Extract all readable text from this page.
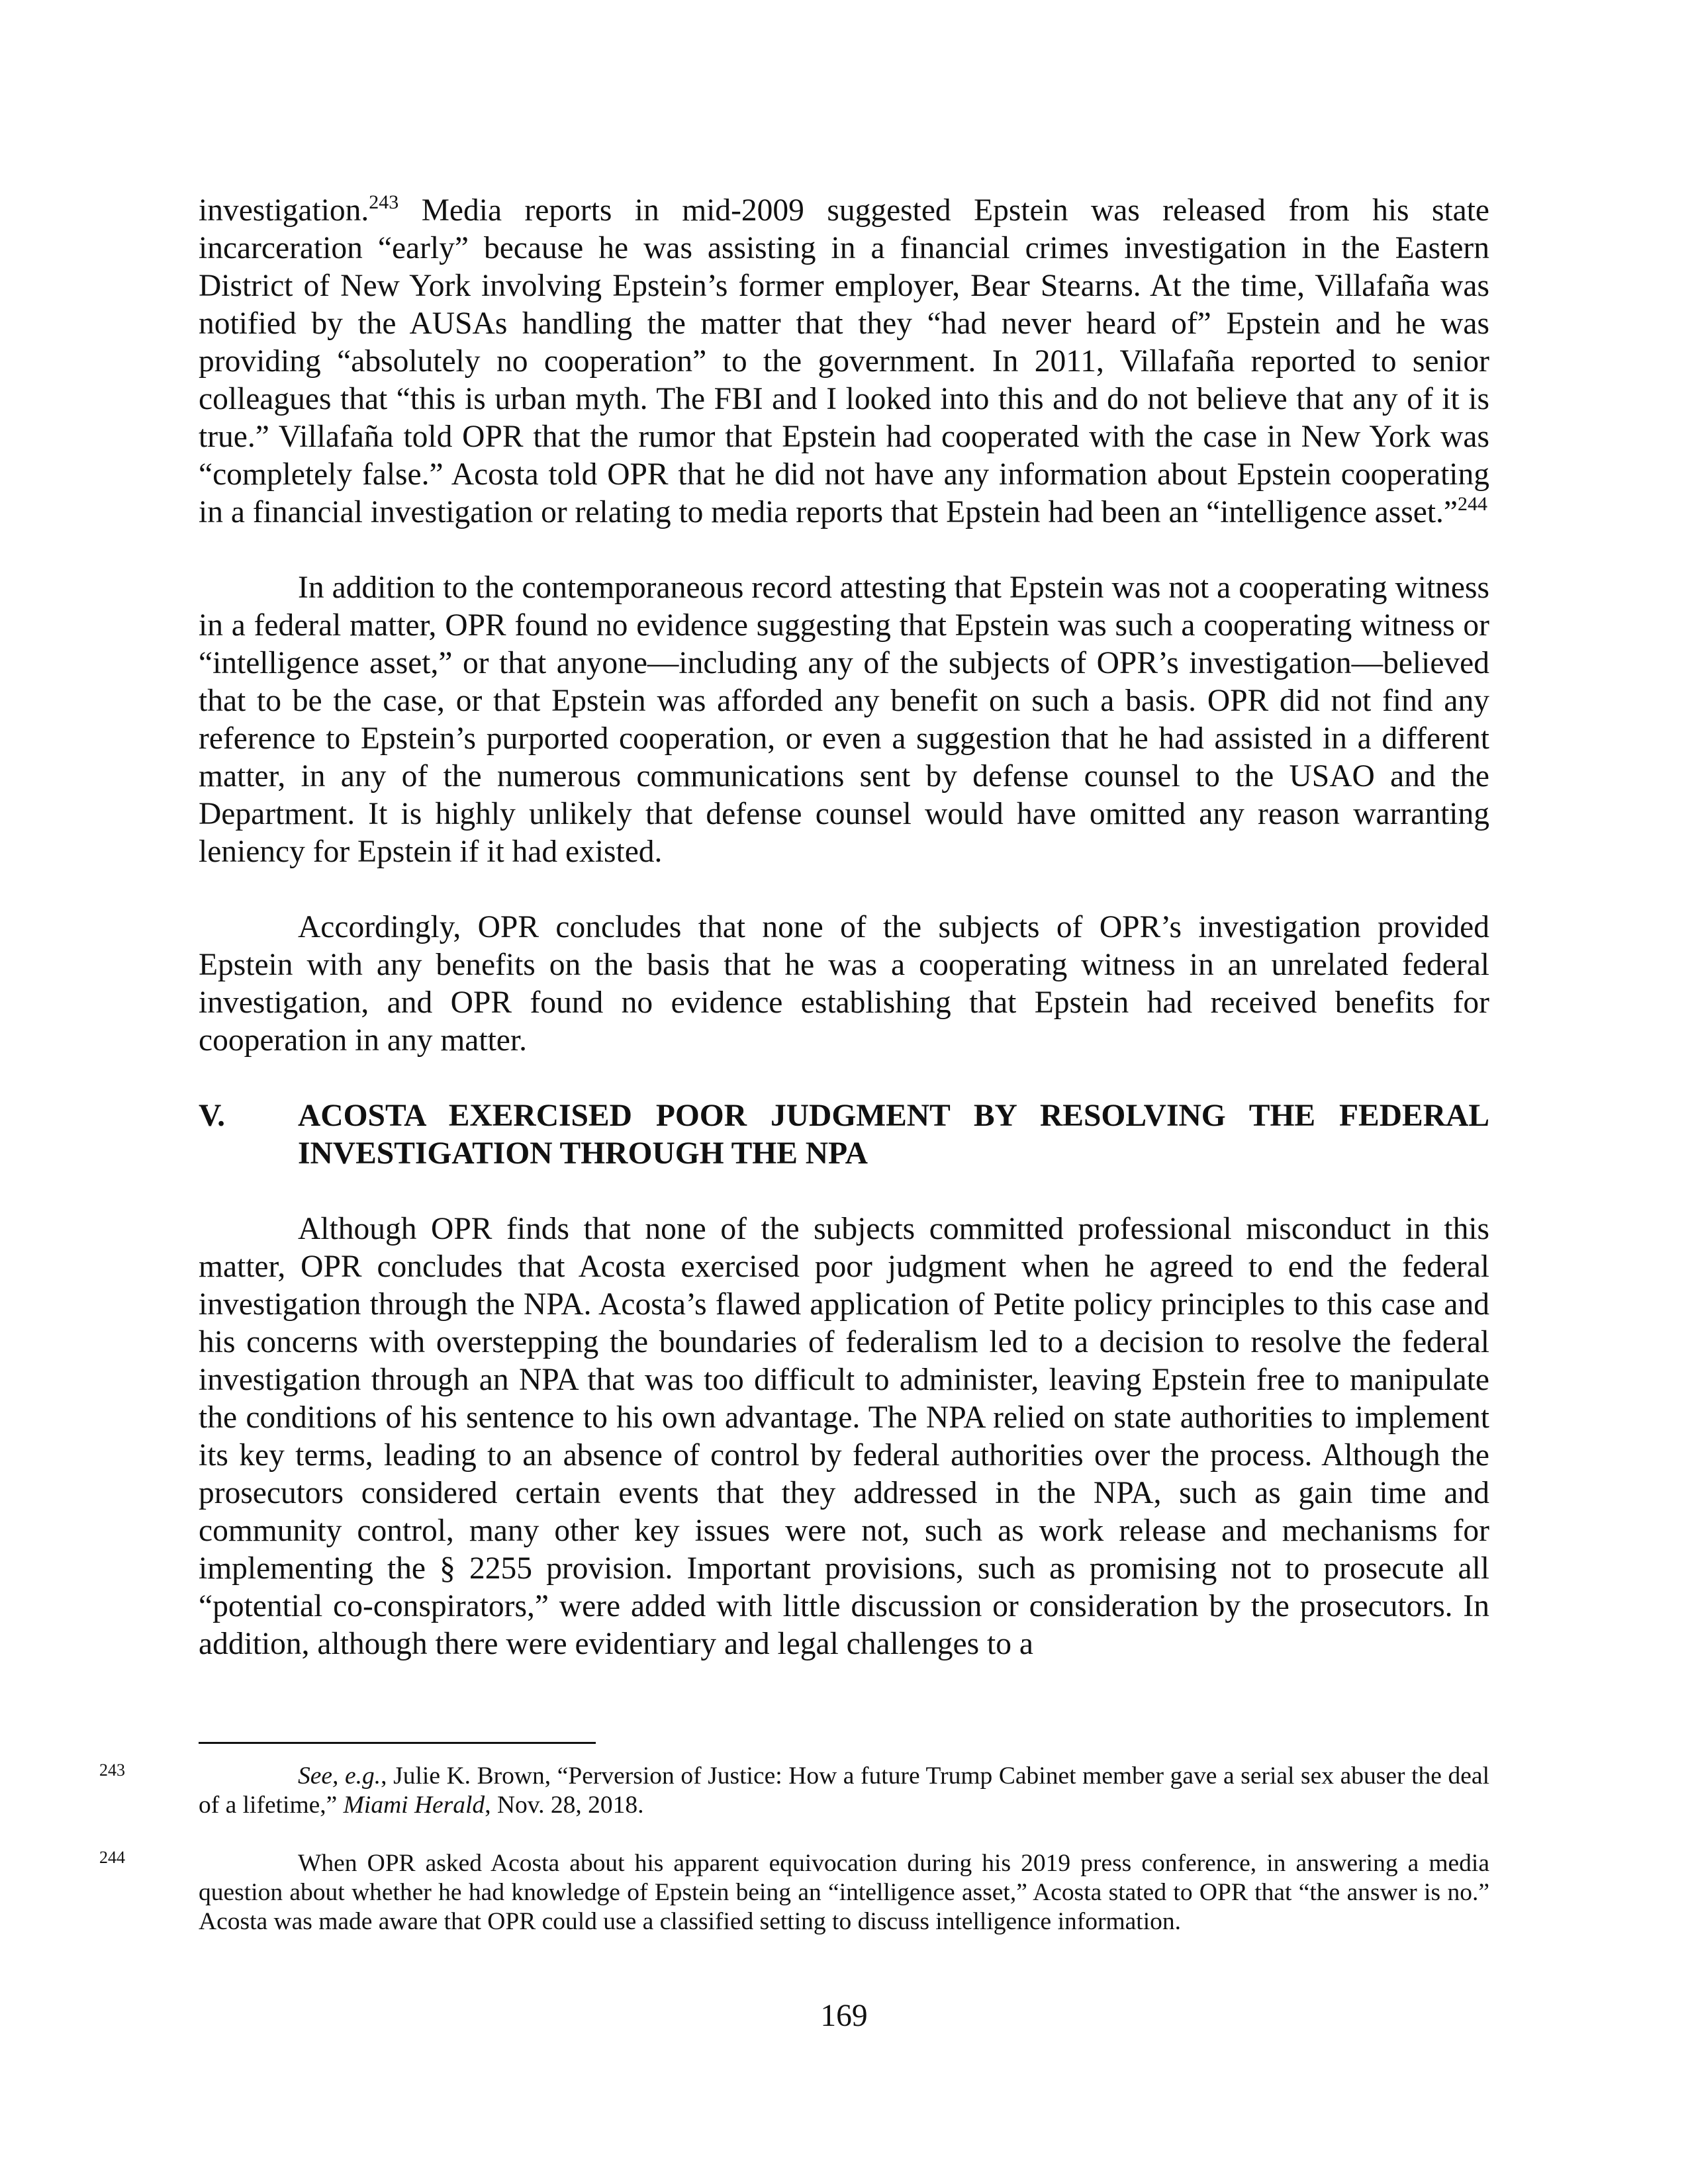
investigation.$^{243}$ Media reports in mid-2009 suggested Epstein was released from his state incarceration “early” because he was assisting in a financial crimes investigation in the Eastern District of New York involving Epstein’s former employer, Bear Stearns. At the time, Villafaña was notified by the AUSAs handling the matter that they “had never heard of” Epstein and he was providing “absolutely no cooperation” to the government. In 2011, Villafaña reported to senior colleagues that “this is urban myth. The FBI and I looked into this and do not believe that any of it is true.” Villafaña told OPR that the rumor that Epstein had cooperated with the case in New York was “completely false.” Acosta told OPR that he did not have any information about Epstein cooperating in a financial investigation or relating to media reports that Epstein had been an “intelligence asset.”$^{244}$

In addition to the contemporaneous record attesting that Epstein was not a cooperating witness in a federal matter, OPR found no evidence suggesting that Epstein was such a cooperating witness or “intelligence asset,” or that anyone—including any of the subjects of OPR’s investigation—believed that to be the case, or that Epstein was afforded any benefit on such a basis. OPR did not find any reference to Epstein’s purported cooperation, or even a suggestion that he had assisted in a different matter, in any of the numerous communications sent by defense counsel to the USAO and the Department. It is highly unlikely that defense counsel would have omitted any reason warranting leniency for Epstein if it had existed.

Accordingly, OPR concludes that none of the subjects of OPR’s investigation provided Epstein with any benefits on the basis that he was a cooperating witness in an unrelated federal investigation, and OPR found no evidence establishing that Epstein had received benefits for cooperation in any matter.

V.	ACOSTA EXERCISED POOR JUDGMENT BY RESOLVING THE FEDERAL INVESTIGATION THROUGH THE NPA

Although OPR finds that none of the subjects committed professional misconduct in this matter, OPR concludes that Acosta exercised poor judgment when he agreed to end the federal investigation through the NPA. Acosta’s flawed application of Petite policy principles to this case and his concerns with overstepping the boundaries of federalism led to a decision to resolve the federal investigation through an NPA that was too difficult to administer, leaving Epstein free to manipulate the conditions of his sentence to his own advantage. The NPA relied on state authorities to implement its key terms, leading to an absence of control by federal authorities over the process. Although the prosecutors considered certain events that they addressed in the NPA, such as gain time and community control, many other key issues were not, such as work release and mechanisms for implementing the § 2255 provision. Important provisions, such as promising not to prosecute all “potential co-conspirators,” were added with little discussion or consideration by the prosecutors. In addition, although there were evidentiary and legal challenges to a

243	See, e.g., Julie K. Brown, “Perversion of Justice: How a future Trump Cabinet member gave a serial sex abuser the deal of a lifetime,” Miami Herald, Nov. 28, 2018.

244	When OPR asked Acosta about his apparent equivocation during his 2019 press conference, in answering a media question about whether he had knowledge of Epstein being an “intelligence asset,” Acosta stated to OPR that “the answer is no.” Acosta was made aware that OPR could use a classified setting to discuss intelligence information.

169
